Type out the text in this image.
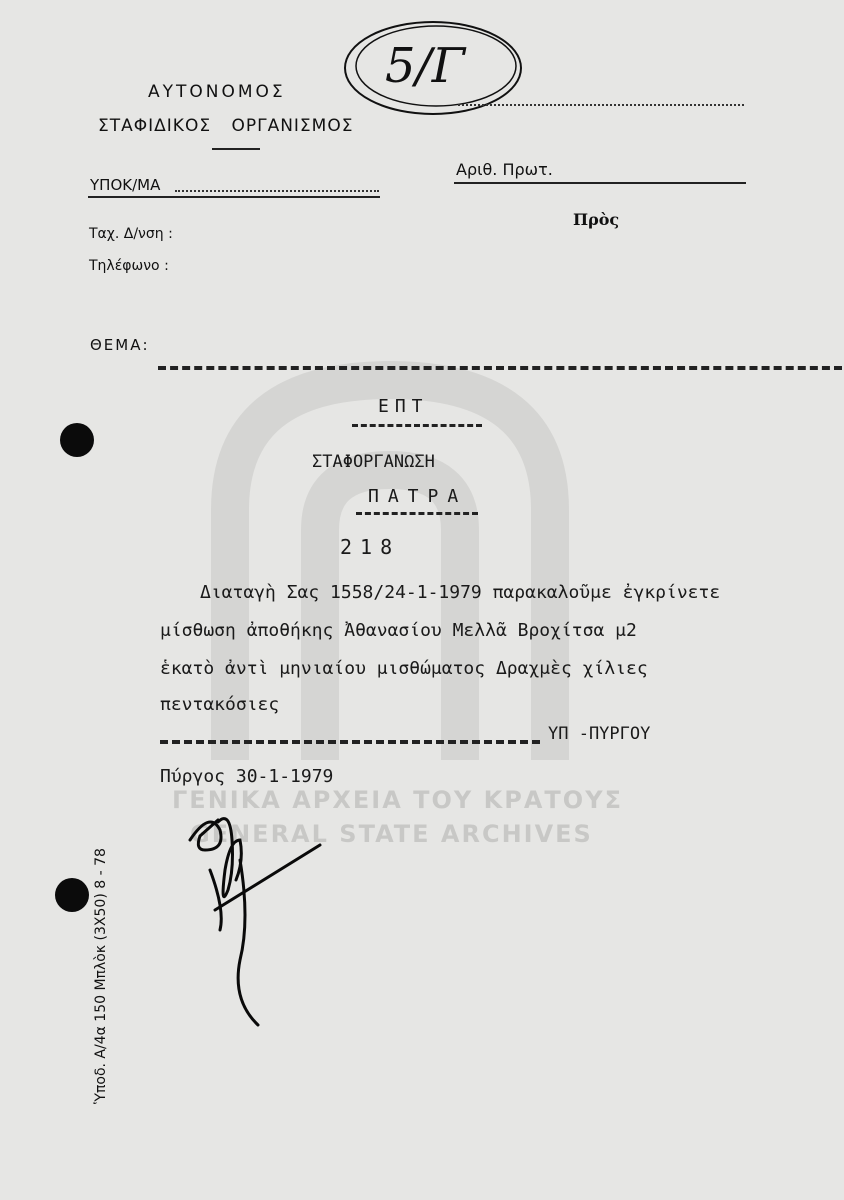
ΑΥΤΟΝΟΜΟΣ
ΣΤΑΦΙΔΙΚΟΣ ΟΡΓΑΝΙΣΜΟΣ
5/Γ
Αριθ. Πρωτ.
ΥΠΟΚ/ΜΑ
Πρὸς
Ταχ. Δ/νση :
Τηλέφωνο :
ΘΕΜΑ:
ΕΠΤ
ΣΤΑΦΟΡΓΑΝΩΣΗ
ΠΑΤΡΑ
218
Διαταγὴ Σας 1558/24-1-1979 παρακαλοῦμε ἐγκρίνετε
μίσθωση ἀποθήκης Ἀθανασίου Μελλᾶ Βροχίτσα μ2
ἑκατὸ ἀντὶ μηνιαίου μισθώματος Δραχμὲς χίλιες
πεντακόσιες
ΥΠ -ΠΥΡΓΟΥ
Πύργος 30-1-1979
ΓΕΝΙΚΑ ΑΡΧΕΙΑ ΤΟΥ ΚΡΑΤΟΥΣ
GENERAL STATE ARCHIVES
Ὑποδ. Α/4α 150 Μπλὸκ (3Χ50) 8 - 78
